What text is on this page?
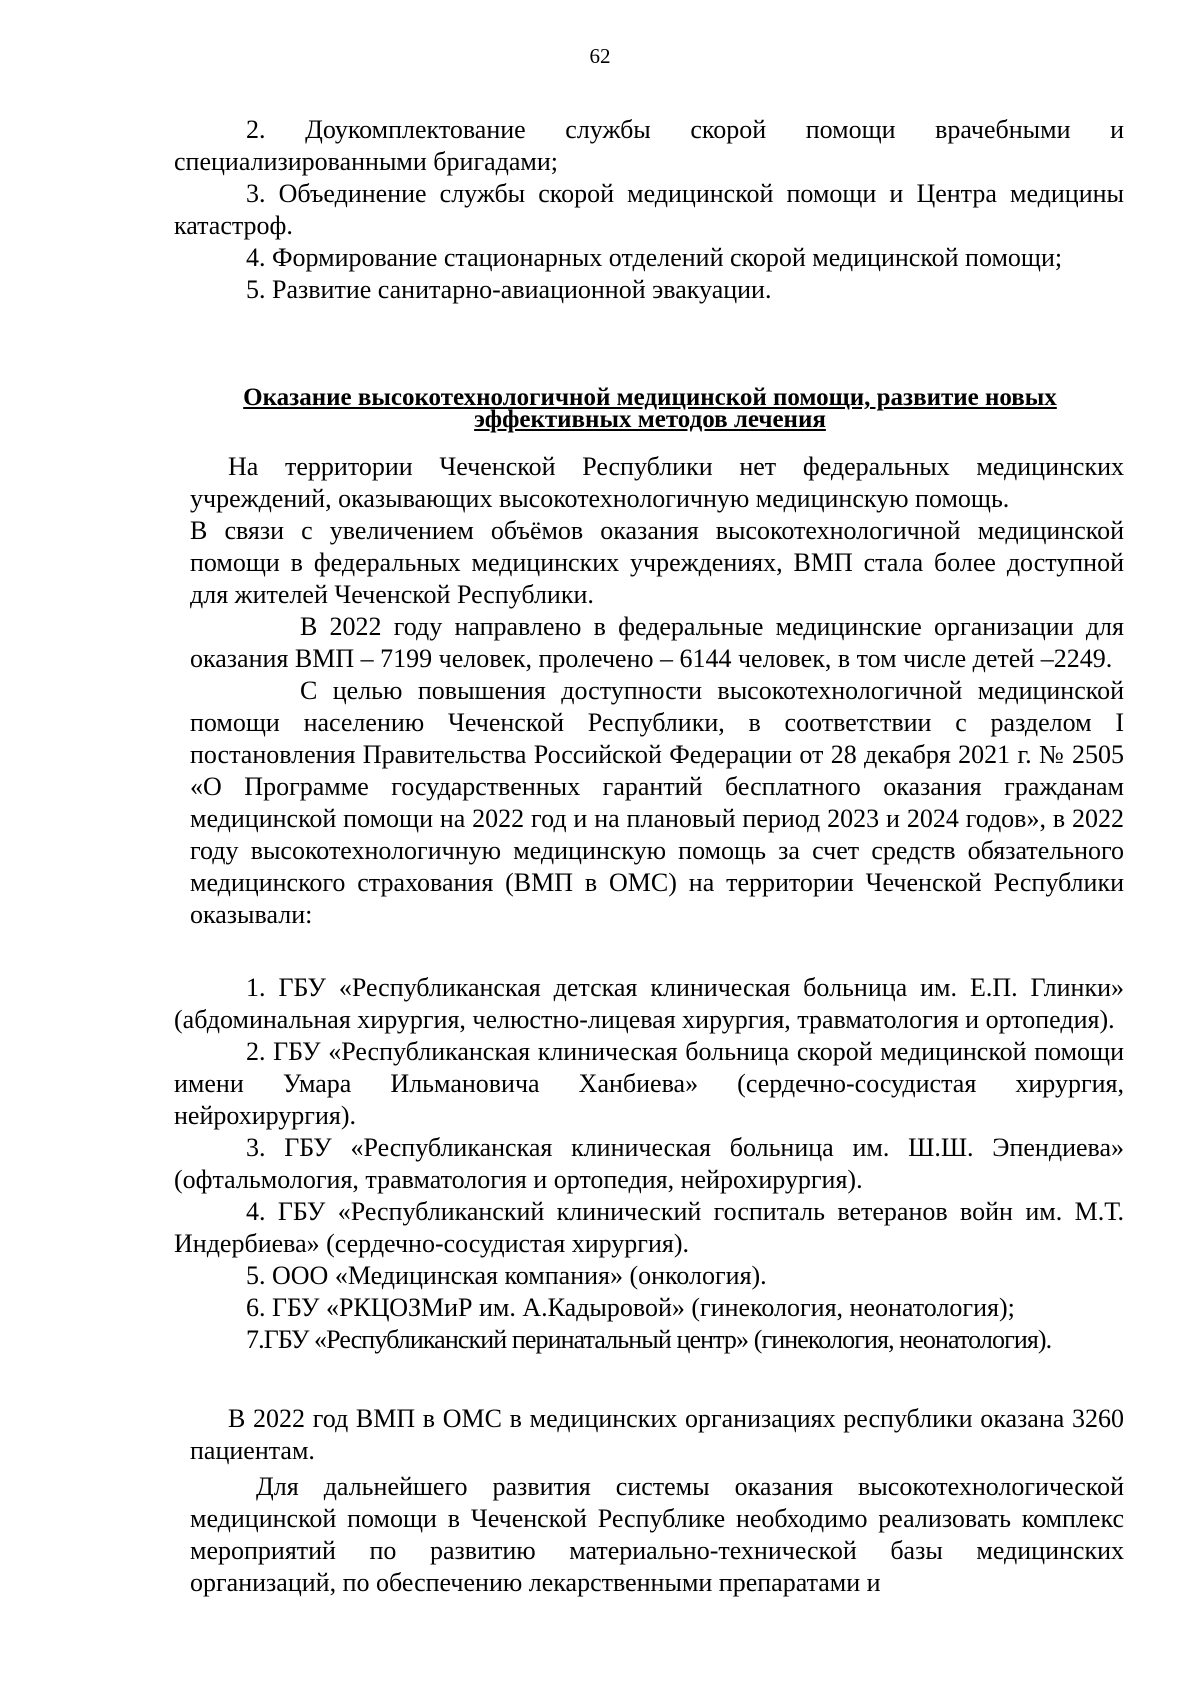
62

2. Доукомплектование службы скорой помощи врачебными и специализированными бригадами;

3. Объединение службы скорой медицинской помощи и Центра медицины катастроф.

4. Формирование стационарных отделений скорой медицинской помощи;

5. Развитие санитарно-авиационной эвакуации.

Оказание высокотехнологичной медицинской помощи, развитие новых эффективных методов лечения

На территории Чеченской Республики нет федеральных медицинских учреждений, оказывающих высокотехнологичную медицинскую помощь.

В связи с увеличением объёмов оказания высокотехнологичной медицинской помощи в федеральных медицинских учреждениях, ВМП стала более доступной для жителей Чеченской Республики.

В 2022 году направлено в федеральные медицинские организации для оказания ВМП – 7199 человек, пролечено – 6144 человек, в том числе детей –2249.

С целью повышения доступности высокотехнологичной медицинской помощи населению Чеченской Республики, в соответствии с разделом I постановления Правительства Российской Федерации от 28 декабря 2021 г. № 2505 «О Программе государственных гарантий бесплатного оказания гражданам медицинской помощи на 2022 год и на плановый период 2023 и 2024 годов», в 2022 году высокотехнологичную медицинскую помощь за счет средств обязательного медицинского страхования (ВМП в ОМС) на территории Чеченской Республики оказывали:

1. ГБУ «Республиканская детская клиническая больница им. Е.П. Глинки» (абдоминальная хирургия, челюстно-лицевая хирургия, травматология и ортопедия).

2. ГБУ «Республиканская клиническая больница скорой медицинской помощи имени Умара Ильмановича Ханбиева» (сердечно-сосудистая хирургия, нейрохирургия).

3. ГБУ «Республиканская клиническая больница им. Ш.Ш. Эпендиева» (офтальмология, травматология и ортопедия, нейрохирургия).

4. ГБУ «Республиканский клинический госпиталь ветеранов войн им. М.Т. Индербиева» (сердечно-сосудистая хирургия).

5. ООО «Медицинская компания» (онкология).

6. ГБУ «РКЦОЗМиР им. А.Кадыровой» (гинекология, неонатология);

7.ГБУ «Республиканский перинатальный центр» (гинекология, неонатология).

В 2022 год ВМП в ОМС в медицинских организациях республики оказана 3260 пациентам.

Для дальнейшего развития системы оказания высокотехнологической медицинской помощи в Чеченской Республике необходимо реализовать комплекс мероприятий по развитию материально-технической базы медицинских организаций, по обеспечению лекарственными препаратами и
